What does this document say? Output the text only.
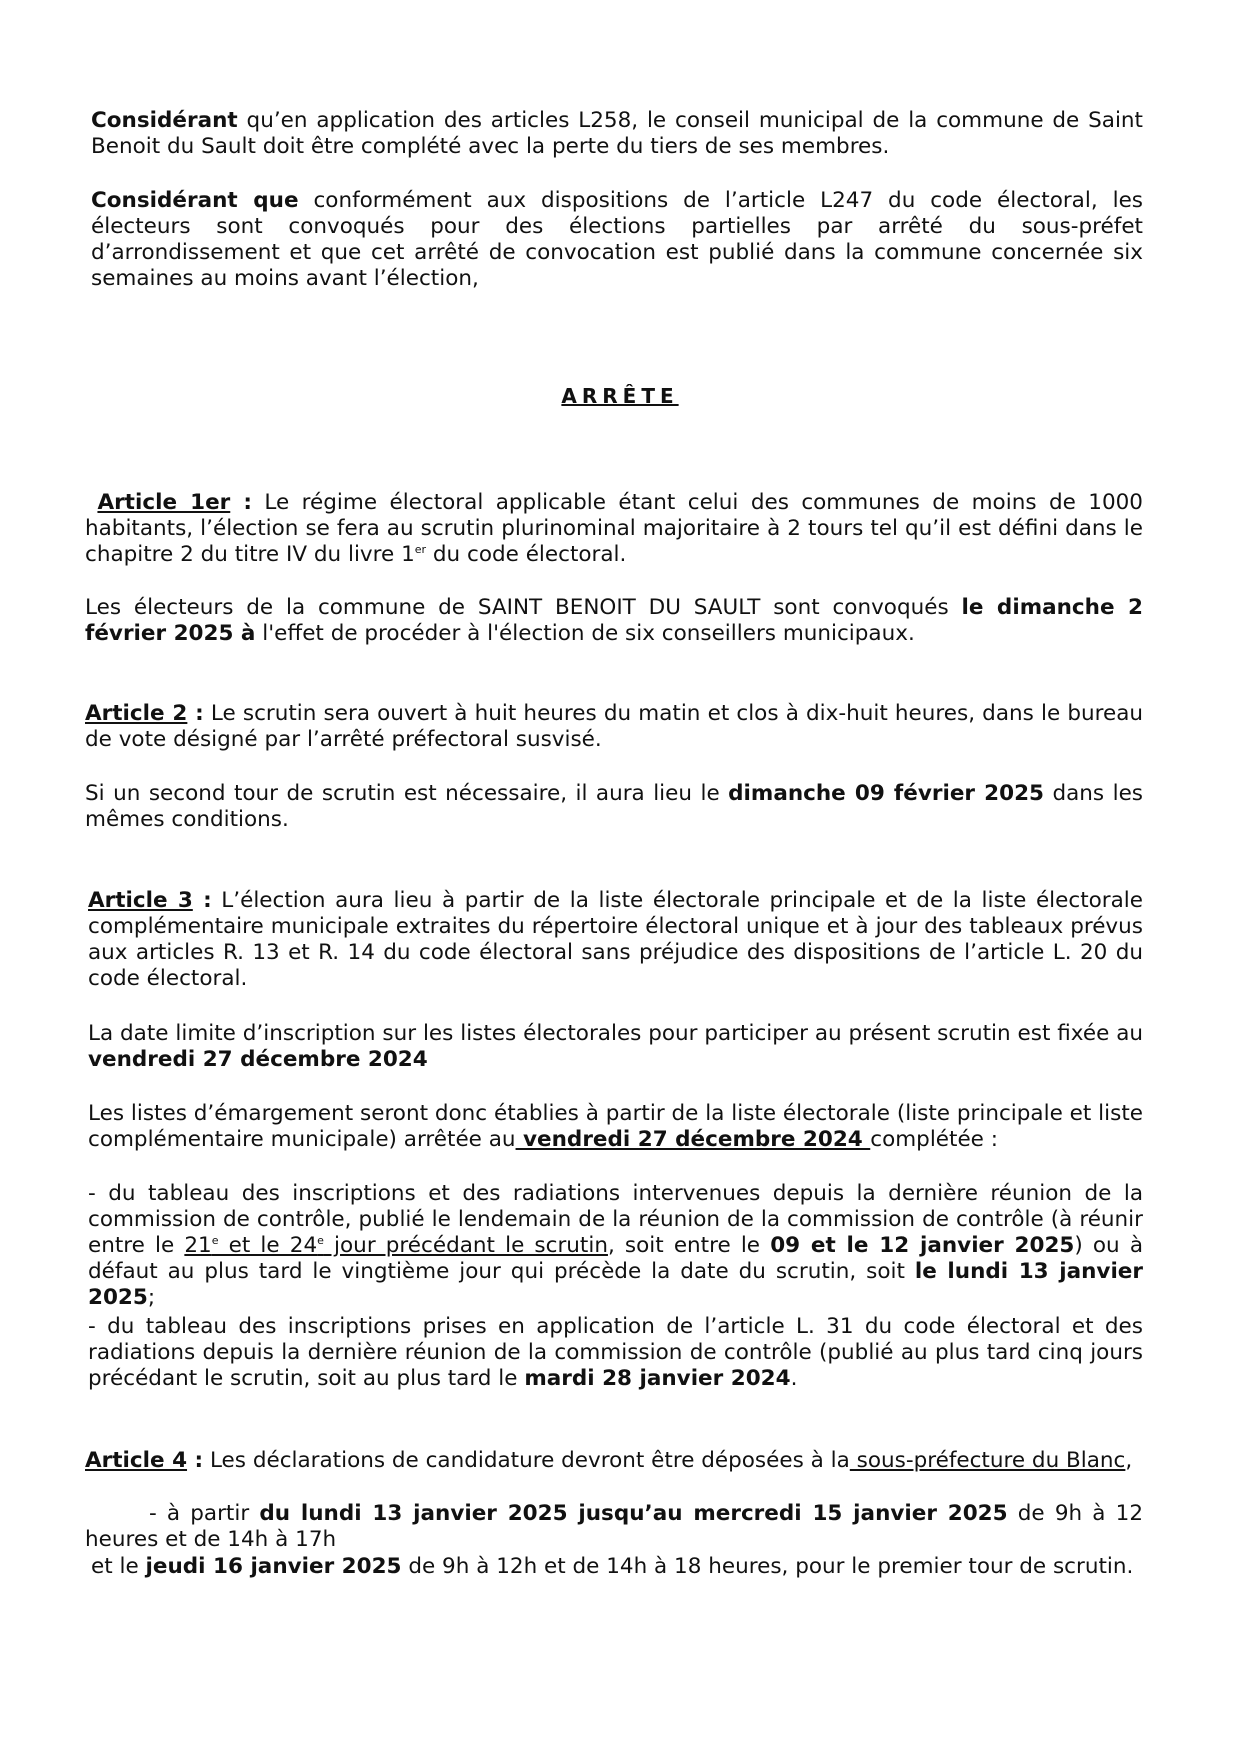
Considérant qu’en application des articles L258, le conseil municipal de la commune de Saint Benoit du Sault doit être complété avec la perte du tiers de ses membres.

Considérant que conformément aux dispositions de l’article L247 du code électoral, les électeurs sont convoqués pour des élections partielles par arrêté du sous-préfet d’arrondissement et que cet arrêté de convocation est publié dans la commune concernée six semaines au moins avant l’élection,

ARRÊTE

Article 1er : Le régime électoral applicable étant celui des communes de moins de 1000 habitants, l’élection se fera au scrutin plurinominal majoritaire à 2 tours tel qu’il est défini dans le chapitre 2 du titre IV du livre 1er du code électoral.

Les électeurs de la commune de SAINT BENOIT DU SAULT sont convoqués le dimanche 2 février 2025 à l'effet de procéder à l'élection de six conseillers municipaux.

Article 2 : Le scrutin sera ouvert à huit heures du matin et clos à dix-huit heures, dans le bureau de vote désigné par l’arrêté préfectoral susvisé.

Si un second tour de scrutin est nécessaire, il aura lieu le dimanche 09 février 2025 dans les mêmes conditions.

Article 3 : L’élection aura lieu à partir de la liste électorale principale et de la liste électorale complémentaire municipale extraites du répertoire électoral unique et à jour des tableaux prévus aux articles R. 13 et R. 14 du code électoral sans préjudice des dispositions de l’article L. 20 du code électoral.

La date limite d’inscription sur les listes électorales pour participer au présent scrutin est fixée au vendredi 27 décembre 2024

Les listes d’émargement seront donc établies à partir de la liste électorale (liste principale et liste complémentaire municipale) arrêtée au vendredi 27 décembre 2024 complétée :

- du tableau des inscriptions et des radiations intervenues depuis la dernière réunion de la commission de contrôle, publié le lendemain de la réunion de la commission de contrôle (à réunir entre le 21e et le 24e jour précédant le scrutin, soit entre le 09 et le 12 janvier 2025) ou à défaut au plus tard le vingtième jour qui précède la date du scrutin, soit le lundi 13 janvier 2025;

- du tableau des inscriptions prises en application de l’article L. 31 du code électoral et des radiations depuis la dernière réunion de la commission de contrôle (publié au plus tard cinq jours précédant le scrutin, soit au plus tard le mardi 28 janvier 2024.

Article 4 : Les déclarations de candidature devront être déposées à la sous-préfecture du Blanc,

- à partir du lundi 13 janvier 2025 jusqu’au mercredi 15 janvier 2025 de 9h à 12 heures et de 14h à 17h

et le jeudi 16 janvier 2025 de 9h à 12h et de 14h à 18 heures, pour le premier tour de scrutin.
